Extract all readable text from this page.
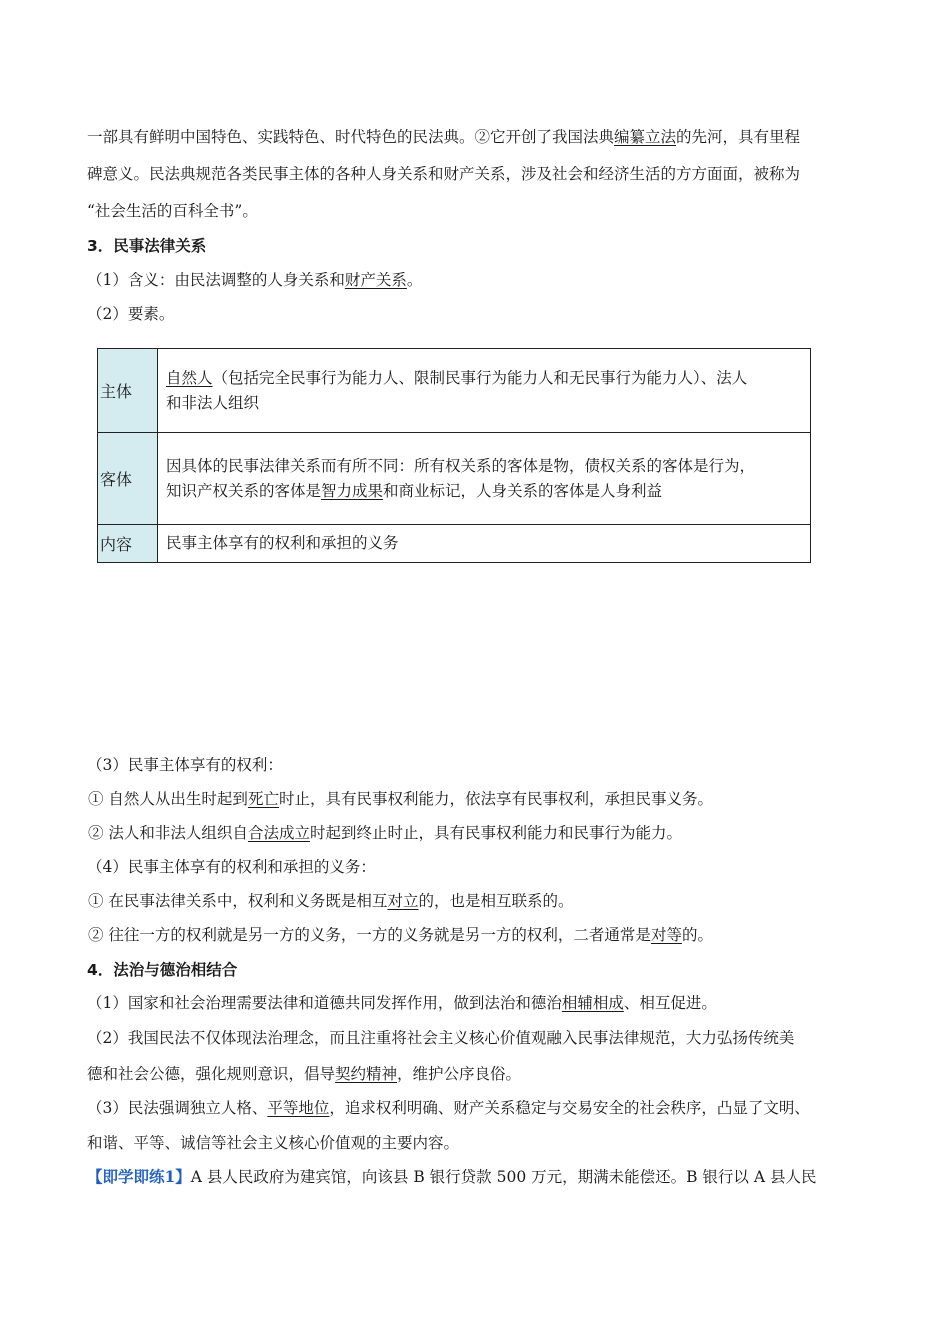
一部具有鲜明中国特色、实践特色、时代特色的民法典。②它开创了我国法典编纂立法的先河，具有里程
碑意义。民法典规范各类民事主体的各种人身关系和财产关系，涉及社会和经济生活的方方面面，被称为
“社会生活的百科全书”。
3．民事法律关系
（1）含义：由民法调整的人身关系和财产关系。
（2）要素。
主体	自然人（包括完全民事行为能力人、限制民事行为能力人和无民事行为能力人）、法人
和非法人组织
客体	因具体的民事法律关系而有所不同：所有权关系的客体是物，债权关系的客体是行为，
知识产权关系的客体是智力成果和商业标记，人身关系的客体是人身利益
内容	民事主体享有的权利和承担的义务
（3）民事主体享有的权利：
① 自然人从出生时起到死亡时止，具有民事权利能力，依法享有民事权利，承担民事义务。
② 法人和非法人组织自合法成立时起到终止时止，具有民事权利能力和民事行为能力。
（4）民事主体享有的权利和承担的义务：
① 在民事法律关系中，权利和义务既是相互对立的，也是相互联系的。
② 往往一方的权利就是另一方的义务，一方的义务就是另一方的权利，二者通常是对等的。
4．法治与德治相结合
（1）国家和社会治理需要法律和道德共同发挥作用，做到法治和德治相辅相成、相互促进。
（2）我国民法不仅体现法治理念，而且注重将社会主义核心价值观融入民事法律规范，大力弘扬传统美
德和社会公德，强化规则意识，倡导契约精神，维护公序良俗。
（3）民法强调独立人格、平等地位，追求权利明确、财产关系稳定与交易安全的社会秩序，凸显了文明、
和谐、平等、诚信等社会主义核心价值观的主要内容。
【即学即练1】A 县人民政府为建宾馆，向该县 B 银行贷款 500 万元，期满未能偿还。B 银行以 A 县人民
